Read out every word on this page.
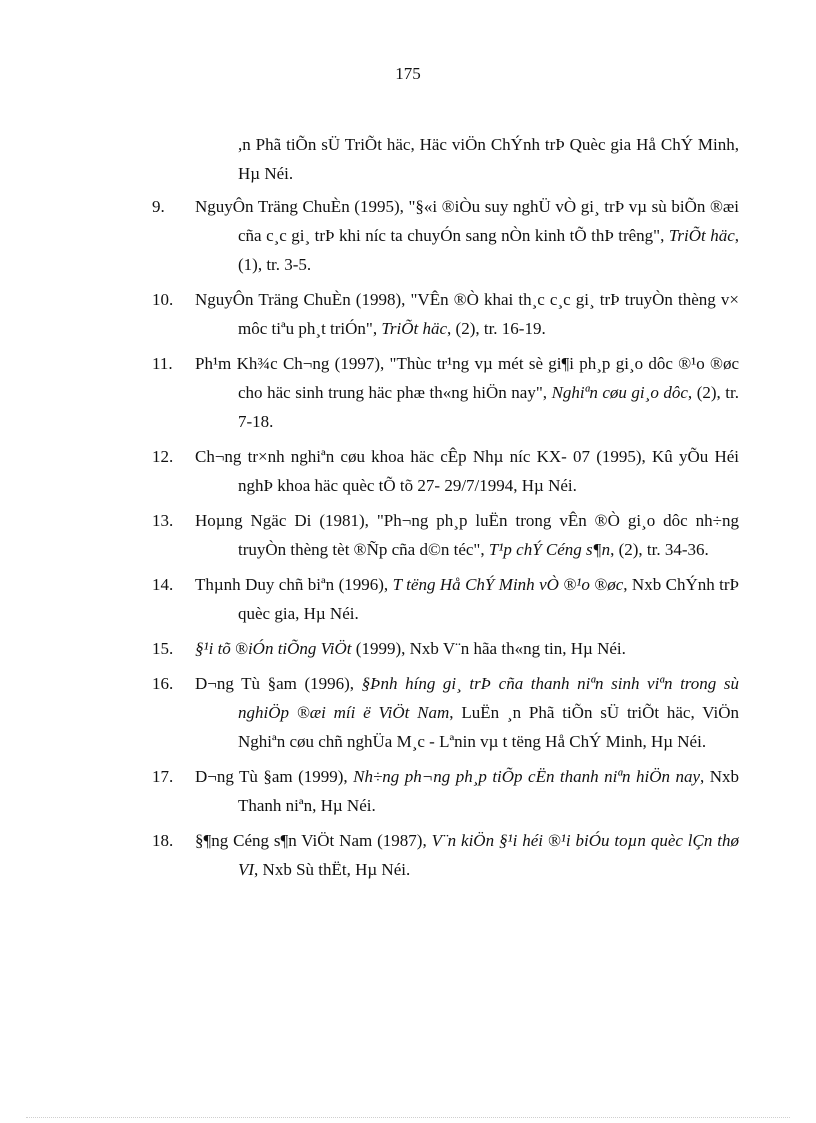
175
,n Phã tiÕn sÜ TriÕt häc, Häc viÖn ChÝnh trÞ Quèc gia Hå ChÝ Minh, Hµ Néi.
9. NguyÔn Träng ChuÈn (1995), "§«i ®iÒu suy nghÜ vÒ gi¸ trÞ vµ sù biÕn ®æi cña c¸c gi¸ trÞ khi níc ta chuyÓn sang nÒn kinh tÕ thÞ trêng", TriÕt häc, (1), tr. 3-5.
10. NguyÔn Träng ChuÈn (1998), "VÊn ®Ò khai th¸c c¸c gi¸ trÞ truyÒn thèng v× môc tiªu ph¸t triÓn", TriÕt häc, (2), tr. 16-19.
11. Ph¹m Kh¾c Ch¬ng (1997), "Thùc tr¹ng vµ mét sè gi¶i ph¸p gi¸o dôc ®¹o ®øc cho häc sinh trung häc phæ th«ng hiÖn nay", Nghiªn cøu gi¸o dôc, (2), tr. 7-18.
12. Ch¬ng tr×nh nghiªn cøu khoa häc cÊp Nhµ níc KX- 07 (1995), Kû yÕu Héi nghÞ khoa häc quèc tÕ tõ 27- 29/7/1994, Hµ Néi.
13. Hoµng Ngäc Di (1981), "Ph¬ng ph¸p luËn trong vÊn ®Ò gi¸o dôc nh÷ng truyÒn thèng tèt ®Ñp cña d©n téc", T¹p chÝ Céng s¶n, (2), tr. 34-36.
14. Thµnh Duy chñ biªn (1996), T tëng Hå ChÝ Minh vÒ ®¹o ®øc, Nxb ChÝnh trÞ quèc gia, Hµ Néi.
15. §¹i tõ ®iÓn tiÕng ViÖt (1999), Nxb V¨n hãa th«ng tin, Hµ Néi.
16. D¬ng Tù §am (1996), §Þnh híng gi¸ trÞ cña thanh niªn sinh viªn trong sù nghiÖp ®æi míi ë ViÖt Nam, LuËn ¸n Phã tiÕn sÜ triÕt häc, ViÖn Nghiªn cøu chñ nghÜa M¸c - Lªnin vµ t tëng Hå ChÝ Minh, Hµ Néi.
17. D¬ng Tù §am (1999), Nh÷ng ph¬ng ph¸p tiÕp cËn thanh niªn hiÖn nay, Nxb Thanh niªn, Hµ Néi.
18. §¶ng Céng s¶n ViÖt Nam (1987), V¨n kiÖn §¹i héi ®¹i biÓu toµn quèc lÇn thø VI, Nxb Sù thËt, Hµ Néi.
